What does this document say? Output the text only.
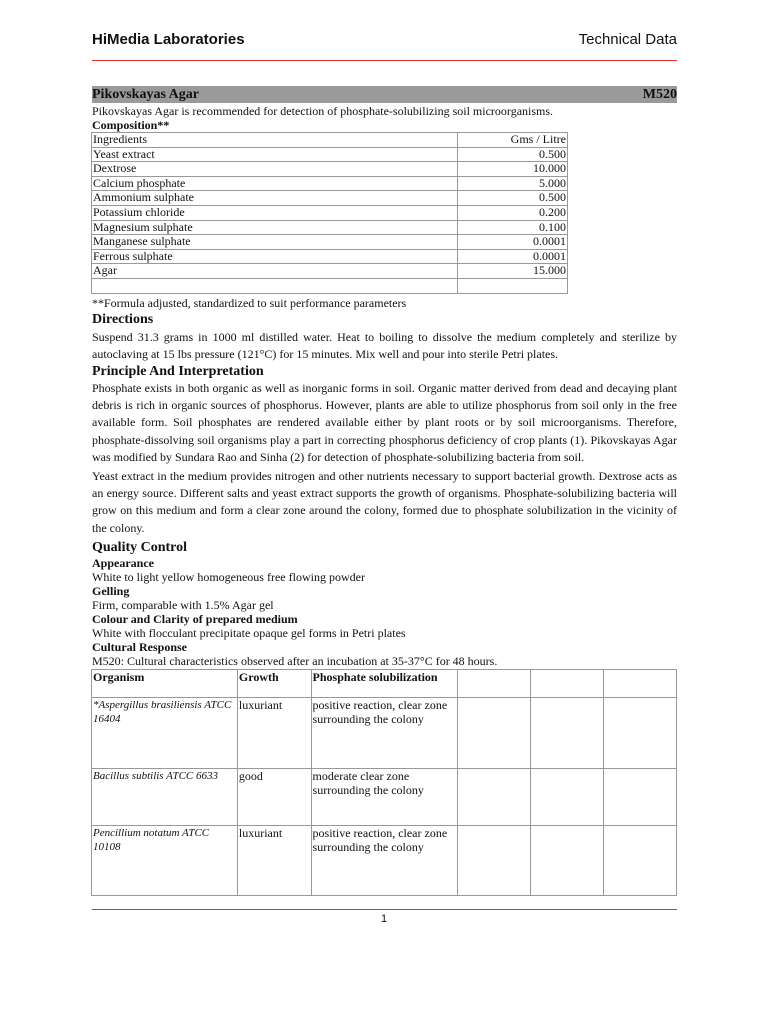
HiMedia Laboratories	Technical Data
Pikovskayas Agar	M520
Pikovskayas Agar is recommended for detection of phosphate-solubilizing soil microorganisms.
Composition**
Ingredients	Gms / Litre
Yeast extract	0.500
Dextrose	10.000
Calcium phosphate	5.000
Ammonium sulphate	0.500
Potassium chloride	0.200
Magnesium sulphate	0.100
Manganese sulphate	0.0001
Ferrous sulphate	0.0001
Agar	15.000

**Formula adjusted, standardized to suit performance parameters
Directions
Suspend 31.3 grams in 1000 ml distilled water. Heat to boiling to dissolve the medium completely and sterilize by autoclaving at 15 lbs pressure (121°C) for 15 minutes. Mix well and pour into sterile Petri plates.
Principle And Interpretation
Phosphate exists in both organic as well as inorganic forms in soil. Organic matter derived from dead and decaying plant debris is rich in organic sources of phosphorus. However, plants are able to utilize phosphorus from soil only in the free available form. Soil phosphates are rendered available either by plant roots or by soil microorganisms. Therefore, phosphate-dissolving soil organisms play a part in correcting phosphorus deficiency of crop plants (1). Pikovskayas Agar was modified by Sundara Rao and Sinha (2) for detection of phosphate-solubilizing bacteria from soil.
Yeast extract in the medium provides nitrogen and other nutrients necessary to support bacterial growth. Dextrose acts as an energy source. Different salts and yeast extract supports the growth of organisms. Phosphate-solubilizing bacteria will grow on this medium and form a clear zone around the colony, formed due to phosphate solubilization in the vicinity of the colony.
Quality Control
Appearance
White to light yellow homogeneous free flowing powder
Gelling
Firm, comparable with 1.5% Agar gel
Colour and Clarity of prepared medium
White with flocculant precipitate opaque gel forms in Petri plates
Cultural Response
M520: Cultural characteristics observed after an incubation at 35-37°C for 48 hours.
Organism	Growth	Phosphate solubilization			
*Aspergillus brasiliensis ATCC 16404	luxuriant	positive reaction, clear zone surrounding the colony			
Bacillus subtilis ATCC 6633	good	moderate clear zone surrounding the colony			
Pencillium notatum ATCC 10108	luxuriant	positive reaction, clear zone surrounding the colony			
1
